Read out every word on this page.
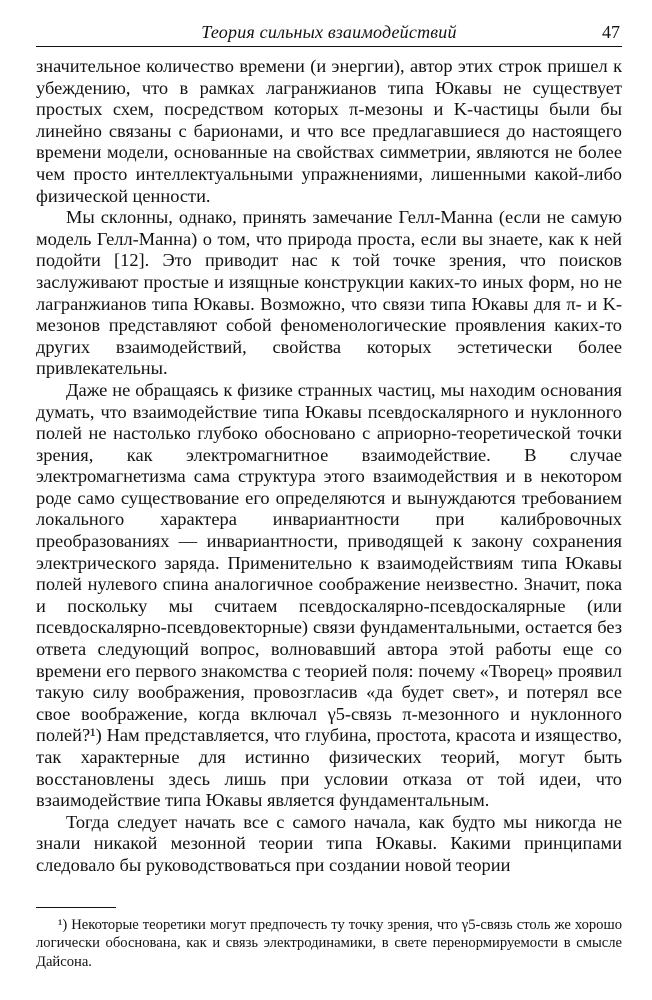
Теория сильных взаимодействий	47

значительное количество времени (и энергии), автор этих строк пришел к убеждению, что в рамках лагранжианов типа Юкавы не существует простых схем, посредством которых π-мезоны и K-частицы были бы линейно связаны с барионами, и что все предлагавшиеся до настоящего времени модели, основанные на свойствах симметрии, являются не более чем просто интеллектуальными упражнениями, лишенными какой-либо физической ценности.

Мы склонны, однако, принять замечание Гелл-Манна (если не самую модель Гелл-Манна) о том, что природа проста, если вы знаете, как к ней подойти [12]. Это приводит нас к той точке зрения, что поисков заслуживают простые и изящные конструкции каких-то иных форм, но не лагранжианов типа Юкавы. Возможно, что связи типа Юкавы для π- и K-мезонов представляют собой феноменологические проявления каких-то других взаимодействий, свойства которых эстетически более привлекательны.

Даже не обращаясь к физике странных частиц, мы находим основания думать, что взаимодействие типа Юкавы псевдоскалярного и нуклонного полей не настолько глубоко обосновано с априорно-теоретической точки зрения, как электромагнитное взаимодействие. В случае электромагнетизма сама структура этого взаимодействия и в некотором роде само существование его определяются и вынуждаются требованием локального характера инвариантности при калибровочных преобразованиях — инвариантности, приводящей к закону сохранения электрического заряда. Применительно к взаимодействиям типа Юкавы полей нулевого спина аналогичное соображение неизвестно. Значит, пока и поскольку мы считаем псевдоскалярно-псевдоскалярные (или псевдоскалярно-псевдовекторные) связи фундаментальными, остается без ответа следующий вопрос, волновавший автора этой работы еще со времени его первого знакомства с теорией поля: почему «Творец» проявил такую силу воображения, провозгласив «да будет свет», и потерял все свое воображение, когда включал γ5-связь π-мезонного и нуклонного полей?¹) Нам представляется, что глубина, простота, красота и изящество, так характерные для истинно физических теорий, могут быть восстановлены здесь лишь при условии отказа от той идеи, что взаимодействие типа Юкавы является фундаментальным.

Тогда следует начать все с самого начала, как будто мы никогда не знали никакой мезонной теории типа Юкавы. Какими принципами следовало бы руководствоваться при создании новой теории

¹) Некоторые теоретики могут предпочесть ту точку зрения, что γ5-связь столь же хорошо логически обоснована, как и связь электродинамики, в свете перенормируемости в смысле Дайсона.
